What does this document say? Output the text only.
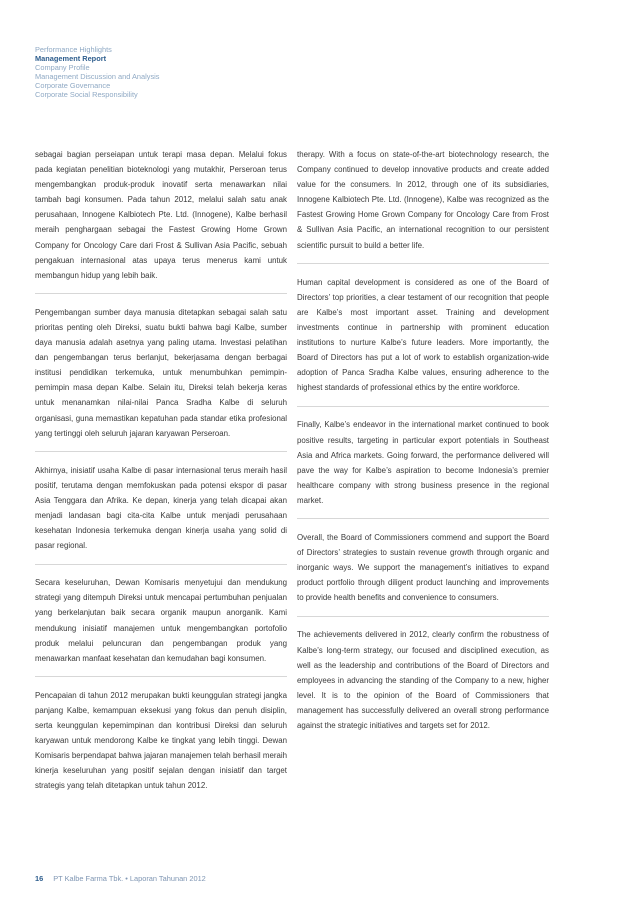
Performance Highlights
Management Report
Company Profile
Management Discussion and Analysis
Corporate Governance
Corporate Social Responsibility

sebagai bagian perseiapan untuk terapi masa depan. Melalui fokus pada kegiatan penelitian bioteknologi yang mutakhir, Perseroan terus mengembangkan produk-produk inovatif serta menawarkan nilai tambah bagi konsumen. Pada tahun 2012, melalui salah satu anak perusahaan, Innogene Kalbiotech Pte. Ltd. (Innogene), Kalbe berhasil meraih penghargaan sebagai the Fastest Growing Home Grown Company for Oncology Care dari Frost & Sullivan Asia Pacific, sebuah pengakuan internasional atas upaya terus menerus kami untuk membangun hidup yang lebih baik.

Pengembangan sumber daya manusia ditetapkan sebagai salah satu prioritas penting oleh Direksi, suatu bukti bahwa bagi Kalbe, sumber daya manusia adalah asetnya yang paling utama. Investasi pelatihan dan pengembangan terus berlanjut, bekerjasama dengan berbagai institusi pendidikan terkemuka, untuk menumbuhkan pemimpin-pemimpin masa depan Kalbe. Selain itu, Direksi telah bekerja keras untuk menanamkan nilai-nilai Panca Sradha Kalbe di seluruh organisasi, guna memastikan kepatuhan pada standar etika profesional yang tertinggi oleh seluruh jajaran karyawan Perseroan.

Akhirnya, inisiatif usaha Kalbe di pasar internasional terus meraih hasil positif, terutama dengan memfokuskan pada potensi ekspor di pasar Asia Tenggara dan Afrika. Ke depan, kinerja yang telah dicapai akan menjadi landasan bagi cita-cita Kalbe untuk menjadi perusahaan kesehatan Indonesia terkemuka dengan kinerja usaha yang solid di pasar regional.

Secara keseluruhan, Dewan Komisaris menyetujui dan mendukung strategi yang ditempuh Direksi untuk mencapai pertumbuhan penjualan yang berkelanjutan baik secara organik maupun anorganik. Kami mendukung inisiatif manajemen untuk mengembangkan portofolio produk melalui peluncuran dan pengembangan produk yang menawarkan manfaat kesehatan dan kemudahan bagi konsumen.

Pencapaian di tahun 2012 merupakan bukti keunggulan strategi jangka panjang Kalbe, kemampuan eksekusi yang fokus dan penuh disiplin, serta keunggulan kepemimpinan dan kontribusi Direksi dan seluruh karyawan untuk mendorong Kalbe ke tingkat yang lebih tinggi. Dewan Komisaris berpendapat bahwa jajaran manajemen telah berhasil meraih kinerja keseluruhan yang positif sejalan dengan inisiatif dan target strategis yang telah ditetapkan untuk tahun 2012.

therapy. With a focus on state-of-the-art biotechnology research, the Company continued to develop innovative products and create added value for the consumers. In 2012, through one of its subsidiaries, Innogene Kalbiotech Pte. Ltd. (Innogene), Kalbe was recognized as the Fastest Growing Home Grown Company for Oncology Care from Frost & Sullivan Asia Pacific, an international recognition to our persistent scientific pursuit to build a better life.

Human capital development is considered as one of the Board of Directors’ top priorities, a clear testament of our recognition that people are Kalbe’s most important asset. Training and development investments continue in partnership with prominent education institutions to nurture Kalbe’s future leaders. More importantly, the Board of Directors has put a lot of work to establish organization-wide adoption of Panca Sradha Kalbe values, ensuring adherence to the highest standards of professional ethics by the entire workforce.

Finally, Kalbe’s endeavor in the international market continued to book positive results, targeting in particular export potentials in Southeast Asia and Africa markets. Going forward, the performance delivered will pave the way for Kalbe’s aspiration to become Indonesia’s premier healthcare company with strong business presence in the regional market.

Overall, the Board of Commissioners commend and support the Board of Directors’ strategies to sustain revenue growth through organic and inorganic ways. We support the management’s initiatives to expand product portfolio through diligent product launching and improvements to provide health benefits and convenience to consumers.

The achievements delivered in 2012, clearly confirm the robustness of Kalbe’s long-term strategy, our focused and disciplined execution, as well as the leadership and contributions of the Board of Directors and employees in advancing the standing of the Company to a new, higher level. It is to the opinion of the Board of Commissioners that management has successfully delivered an overall strong performance against the strategic initiatives and targets set for 2012.

16 PT Kalbe Farma Tbk. • Laporan Tahunan 2012
